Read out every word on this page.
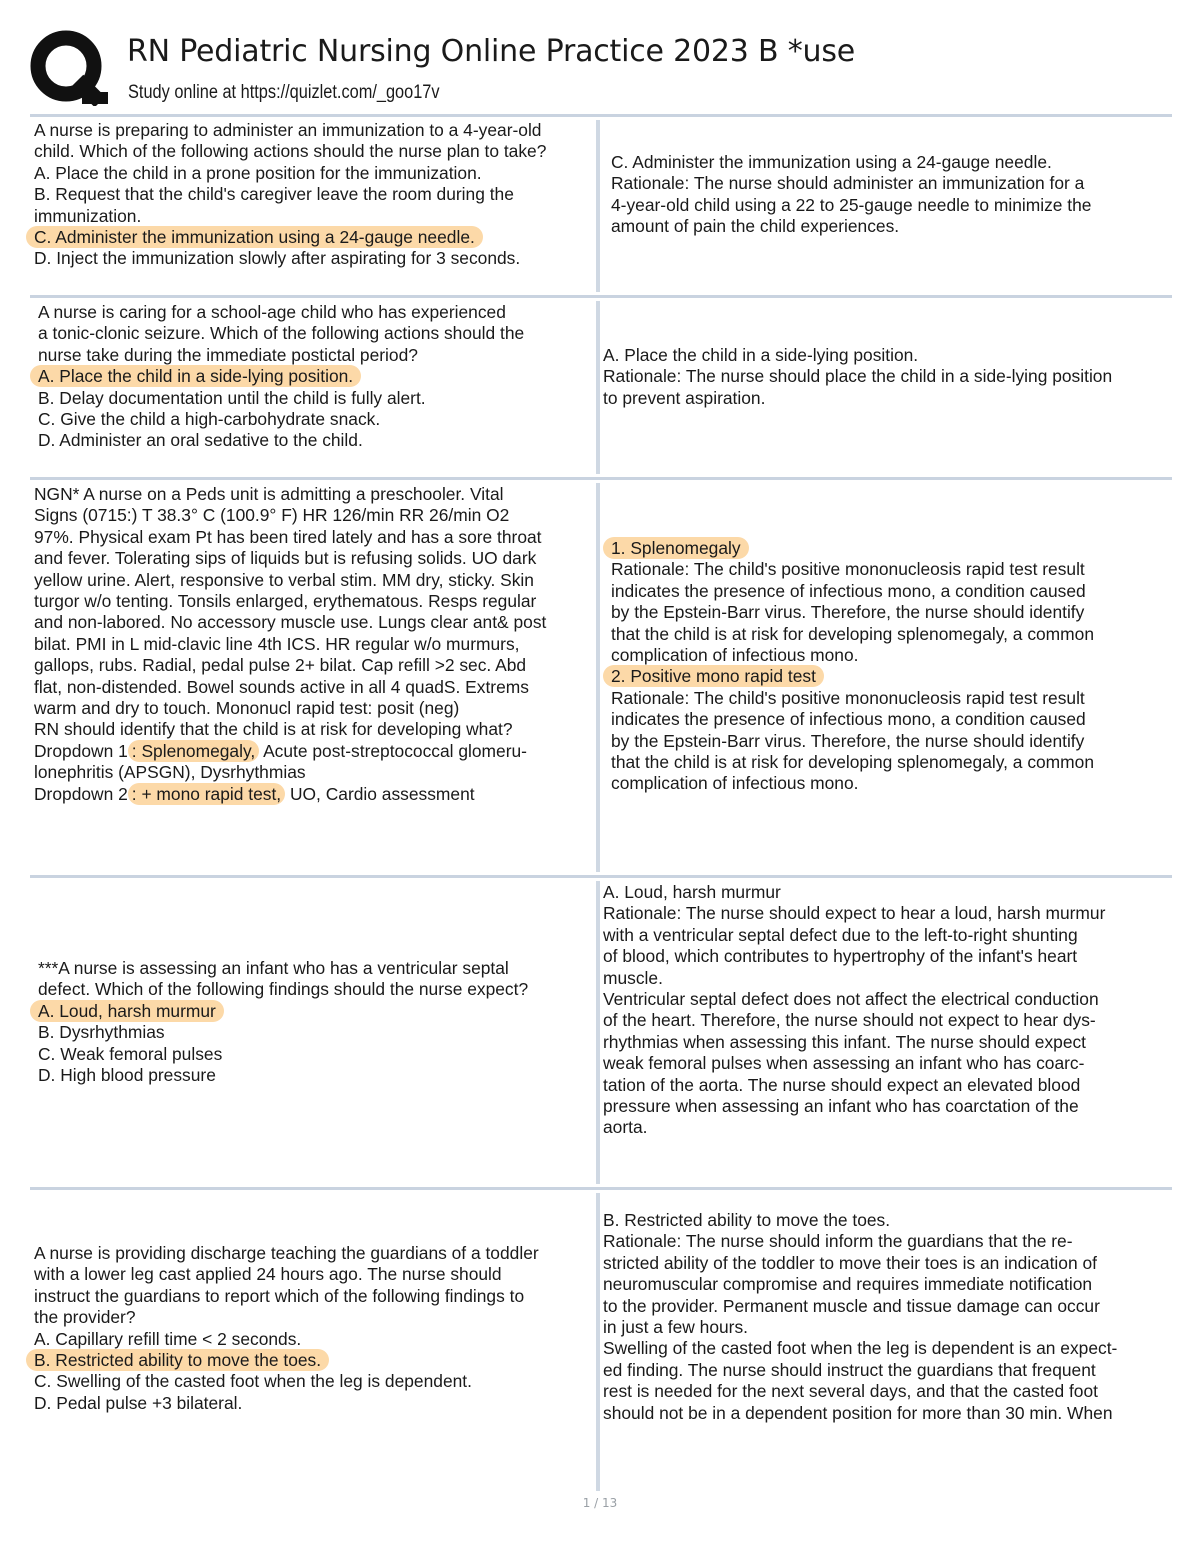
RN Pediatric Nursing Online Practice 2023 B *use
Study online at https://quizlet.com/_goo17v
A nurse is preparing to administer an immunization to a 4-year-old
child. Which of the following actions should the nurse plan to take?
A. Place the child in a prone position for the immunization.
B. Request that the child's caregiver leave the room during the immunization.
C. Administer the immunization using a 24-gauge needle.
D. Inject the immunization slowly after aspirating for 3 seconds.
C. Administer the immunization using a 24-gauge needle.
Rationale: The nurse should administer an immunization for a
4-year-old child using a 22 to 25-gauge needle to minimize the
amount of pain the child experiences.
A nurse is caring for a school-age child who has experienced
a tonic-clonic seizure. Which of the following actions should the
nurse take during the immediate postictal period?
A. Place the child in a side-lying position.
B. Delay documentation until the child is fully alert.
C. Give the child a high-carbohydrate snack.
D. Administer an oral sedative to the child.
A. Place the child in a side-lying position.
Rationale: The nurse should place the child in a side-lying position
to prevent aspiration.
NGN* A nurse on a Peds unit is admitting a preschooler. Vital
Signs (0715:) T 38.3° C (100.9° F) HR 126/min RR 26/min O2
97%. Physical exam Pt has been tired lately and has a sore throat
and fever. Tolerating sips of liquids but is refusing solids. UO dark
yellow urine. Alert, responsive to verbal stim. MM dry, sticky. Skin
turgor w/o tenting. Tonsils enlarged, erythematous. Resps regular
and non-labored. No accessory muscle use. Lungs clear ant& post
bilat. PMI in L mid-clavic line 4th ICS. HR regular w/o murmurs,
gallops, rubs. Radial, pedal pulse 2+ bilat. Cap refill >2 sec. Abd
flat, non-distended. Bowel sounds active in all 4 quadS. Extrems
warm and dry to touch. Mononucl rapid test: posit (neg)
RN should identify that the child is at risk for developing what?
Dropdown 1 : Splenomegaly, Acute post-streptococcal glomeru-
lonephritis (APSGN), Dysrhythmias
Dropdown 2 : + mono rapid test, UO, Cardio assessment
1. Splenomegaly
Rationale: The child's positive mononucleosis rapid test result
indicates the presence of infectious mono, a condition caused
by the Epstein-Barr virus. Therefore, the nurse should identify
that the child is at risk for developing splenomegaly, a common
complication of infectious mono.
2. Positive mono rapid test
Rationale: The child's positive mononucleosis rapid test result
indicates the presence of infectious mono, a condition caused
by the Epstein-Barr virus. Therefore, the nurse should identify
that the child is at risk for developing splenomegaly, a common
complication of infectious mono.
***A nurse is assessing an infant who has a ventricular septal
defect. Which of the following findings should the nurse expect?
A. Loud, harsh murmur
B. Dysrhythmias
C. Weak femoral pulses
D. High blood pressure
A. Loud, harsh murmur
Rationale: The nurse should expect to hear a loud, harsh murmur
with a ventricular septal defect due to the left-to-right shunting
of blood, which contributes to hypertrophy of the infant's heart
muscle.
Ventricular septal defect does not affect the electrical conduction
of the heart. Therefore, the nurse should not expect to hear dys-
rhythmias when assessing this infant. The nurse should expect
weak femoral pulses when assessing an infant who has coarc-
tation of the aorta. The nurse should expect an elevated blood
pressure when assessing an infant who has coarctation of the
aorta.
A nurse is providing discharge teaching the guardians of a toddler
with a lower leg cast applied 24 hours ago. The nurse should
instruct the guardians to report which of the following findings to
the provider?
A. Capillary refill time < 2 seconds.
B. Restricted ability to move the toes.
C. Swelling of the casted foot when the leg is dependent.
D. Pedal pulse +3 bilateral.
B. Restricted ability to move the toes.
Rationale: The nurse should inform the guardians that the re-
stricted ability of the toddler to move their toes is an indication of
neuromuscular compromise and requires immediate notification
to the provider. Permanent muscle and tissue damage can occur
in just a few hours.
Swelling of the casted foot when the leg is dependent is an expect-
ed finding. The nurse should instruct the guardians that frequent
rest is needed for the next several days, and that the casted foot
should not be in a dependent position for more than 30 min. When
1 / 13
